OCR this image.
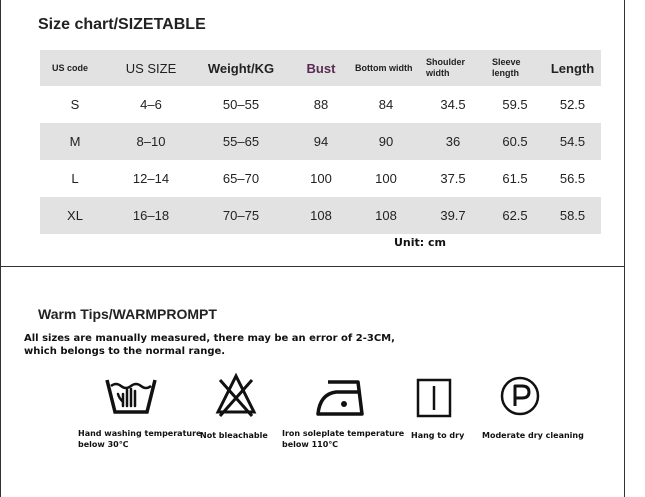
Size chart/SIZETABLE
US code	US SIZE	Weight/KG	Bust	Bottom width	Shoulder width	Sleeve length	Length
S	4–6	50–55	88	84	34.5	59.5	52.5
M	8–10	55–65	94	90	36	60.5	54.5
L	12–14	65–70	100	100	37.5	61.5	56.5
XL	16–18	70–75	108	108	39.7	62.5	58.5
Unit: cm
Warm Tips/WARMPROMPT
All sizes are manually measured, there may be an error of 2-3CM,
which belongs to the normal range.
Hand washing temperature
below 30℃
Not bleachable Iron soleplate temperature
below 110℃
Hang to dry Moderate dry cleaning
